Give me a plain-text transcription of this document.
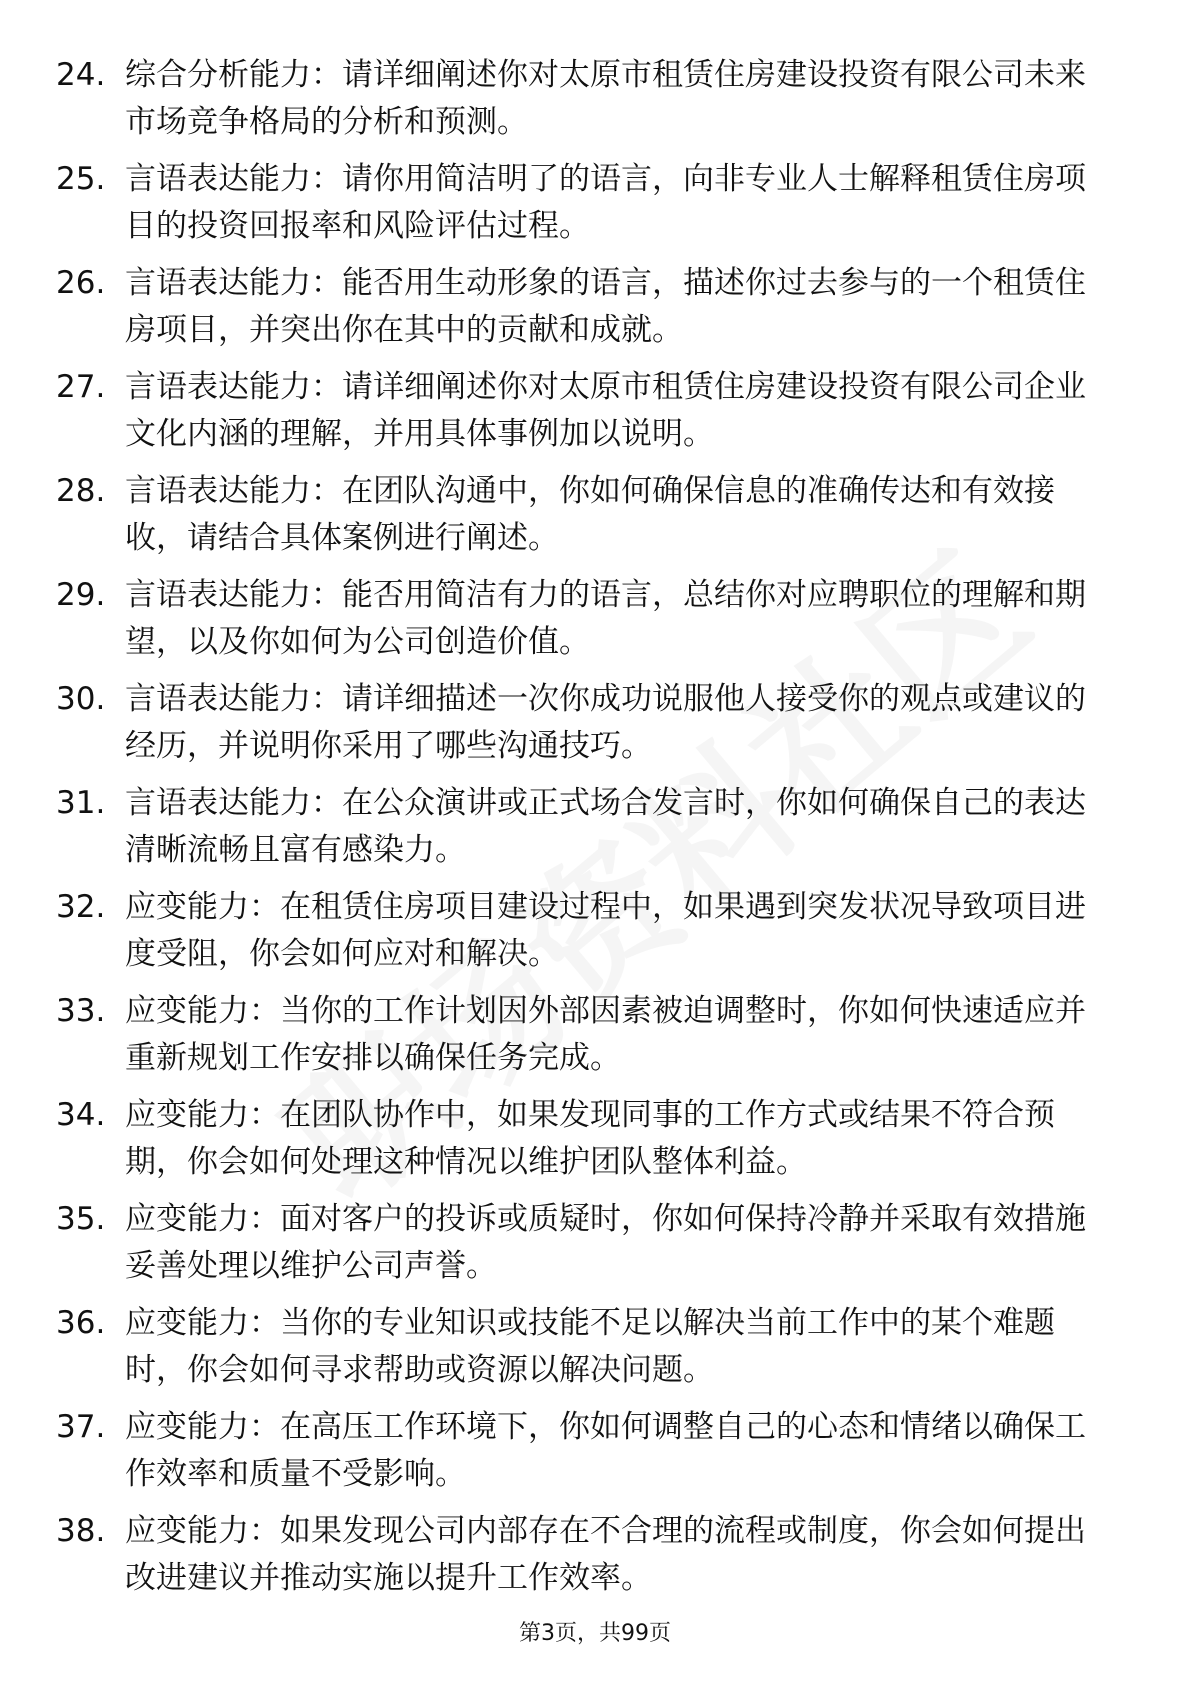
24. 综合分析能力：请详细阐述你对太原市租赁住房建设投资有限公司未来市场竞争格局的分析和预测。
25. 言语表达能力：请你用简洁明了的语言，向非专业人士解释租赁住房项目的投资回报率和风险评估过程。
26. 言语表达能力：能否用生动形象的语言，描述你过去参与的一个租赁住房项目，并突出你在其中的贡献和成就。
27. 言语表达能力：请详细阐述你对太原市租赁住房建设投资有限公司企业文化内涵的理解，并用具体事例加以说明。
28. 言语表达能力：在团队沟通中，你如何确保信息的准确传达和有效接收，请结合具体案例进行阐述。
29. 言语表达能力：能否用简洁有力的语言，总结你对应聘职位的理解和期望，以及你如何为公司创造价值。
30. 言语表达能力：请详细描述一次你成功说服他人接受你的观点或建议的经历，并说明你采用了哪些沟通技巧。
31. 言语表达能力：在公众演讲或正式场合发言时，你如何确保自己的表达清晰流畅且富有感染力。
32. 应变能力：在租赁住房项目建设过程中，如果遇到突发状况导致项目进度受阻，你会如何应对和解决。
33. 应变能力：当你的工作计划因外部因素被迫调整时，你如何快速适应并重新规划工作安排以确保任务完成。
34. 应变能力：在团队协作中，如果发现同事的工作方式或结果不符合预期，你会如何处理这种情况以维护团队整体利益。
35. 应变能力：面对客户的投诉或质疑时，你如何保持冷静并采取有效措施妥善处理以维护公司声誉。
36. 应变能力：当你的专业知识或技能不足以解决当前工作中的某个难题时，你会如何寻求帮助或资源以解决问题。
37. 应变能力：在高压工作环境下，你如何调整自己的心态和情绪以确保工作效率和质量不受影响。
38. 应变能力：如果发现公司内部存在不合理的流程或制度，你会如何提出改进建议并推动实施以提升工作效率。
第3页，共99页
